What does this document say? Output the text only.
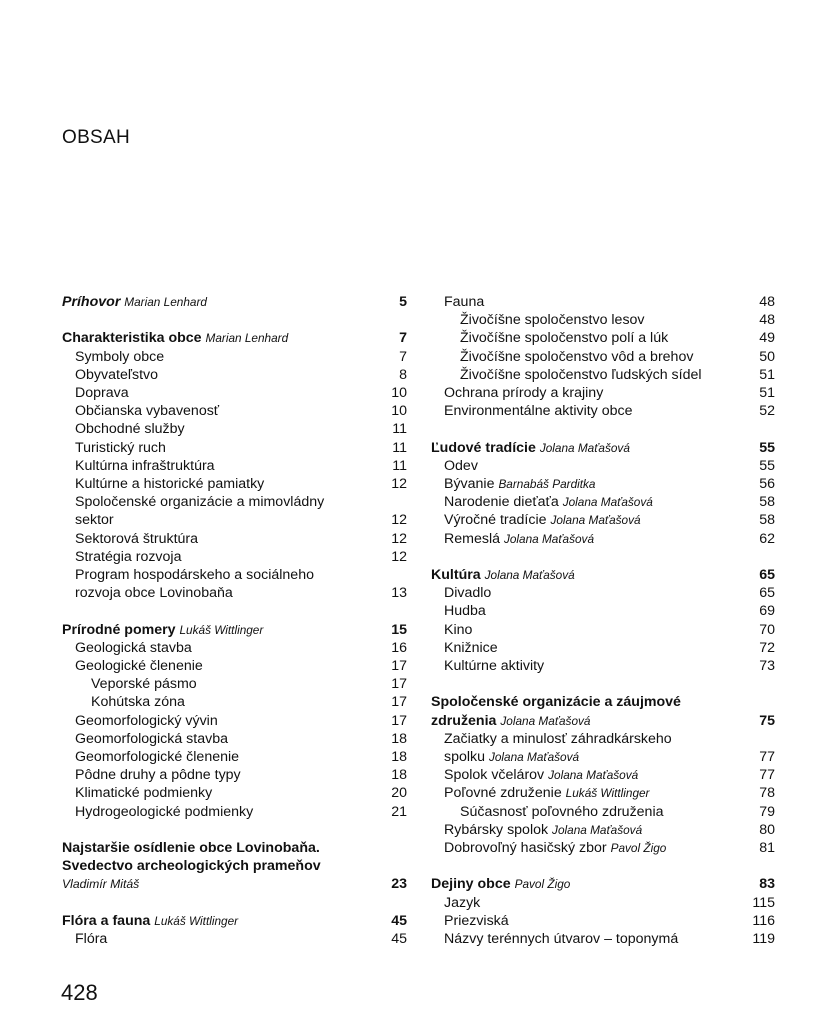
OBSAH
Príhovor Marian Lenhard	5
Charakteristika obce Marian Lenhard	7
Symboly obce	7
Obyvateľstvo	8
Doprava	10
Občianska vybavenosť	10
Obchodné služby	11
Turistický ruch	11
Kultúrna infraštruktúra	11
Kultúrne a historické pamiatky	12
Spoločenské organizácie a mimovládny
sektor	12
Sektorová štruktúra	12
Stratégia rozvoja	12
Program hospodárskeho a sociálneho
rozvoja obce Lovinobaňa	13
Prírodné pomery Lukáš Wittlinger	15
Geologická stavba	16
Geologické členenie	17
Veporské pásmo	17
Kohútska zóna	17
Geomorfologický vývin	17
Geomorfologická stavba	18
Geomorfologické členenie	18
Pôdne druhy a pôdne typy	18
Klimatické podmienky	20
Hydrogeologické podmienky	21
Najstaršie osídlenie obce Lovinobaňa.
Svedectvo archeologických prameňov
Vladimír Mitáš	23
Flóra a fauna Lukáš Wittlinger	45
Flóra	45
Fauna	48
Živočíšne spoločenstvo lesov	48
Živočíšne spoločenstvo polí a lúk	49
Živočíšne spoločenstvo vôd a brehov	50
Živočíšne spoločenstvo ľudských sídel	51
Ochrana prírody a krajiny	51
Environmentálne aktivity obce	52
Ľudové tradície Jolana Maťašová	55
Odev	55
Bývanie Barnabáš Parditka	56
Narodenie dieťaťa Jolana Maťašová	58
Výročné tradície Jolana Maťašová	58
Remeslá Jolana Maťašová	62
Kultúra Jolana Maťašová	65
Divadlo	65
Hudba	69
Kino	70
Knižnice	72
Kultúrne aktivity	73
Spoločenské organizácie a záujmové
združenia Jolana Maťašová	75
Začiatky a minulosť záhradkárskeho
spolku Jolana Maťašová	77
Spolok včelárov Jolana Maťašová	77
Poľovné združenie Lukáš Wittlinger	78
Súčasnosť poľovného združenia	79
Rybársky spolok Jolana Maťašová	80
Dobrovoľný hasičský zbor Pavol Žigo	81
Dejiny obce Pavol Žigo	83
Jazyk	115
Priezviská	116
Názvy terénnych útvarov – toponymá	119
428
